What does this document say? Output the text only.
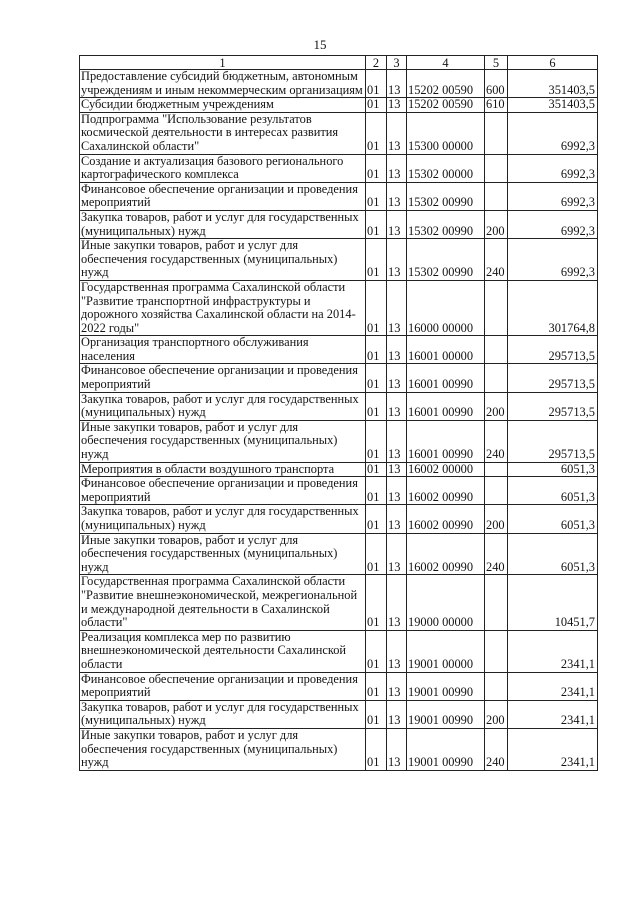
15
1	2	3	4	5	6
Предоставление субсидий бюджетным, автономным учреждениям и иным некоммерческим организациям	01	13	15202 00590	600	351403,5
Субсидии бюджетным учреждениям	01	13	15202 00590	610	351403,5
Подпрограмма "Использование результатов космической деятельности в интересах развития Сахалинской области"	01	13	15300 00000		6992,3
Создание и актуализация базового регионального картографического комплекса	01	13	15302 00000		6992,3
Финансовое обеспечение организации и проведения мероприятий	01	13	15302 00990		6992,3
Закупка товаров, работ и услуг для государственных (муниципальных) нужд	01	13	15302 00990	200	6992,3
Иные закупки товаров, работ и услуг для обеспечения государственных (муниципальных) нужд	01	13	15302 00990	240	6992,3
Государственная программа Сахалинской области "Развитие транспортной инфраструктуры и дорожного хозяйства Сахалинской области на 2014-2022 годы"	01	13	16000 00000		301764,8
Организация транспортного обслуживания населения	01	13	16001 00000		295713,5
Финансовое обеспечение организации и проведения мероприятий	01	13	16001 00990		295713,5
Закупка товаров, работ и услуг для государственных (муниципальных) нужд	01	13	16001 00990	200	295713,5
Иные закупки товаров, работ и услуг для обеспечения государственных (муниципальных) нужд	01	13	16001 00990	240	295713,5
Мероприятия в области воздушного транспорта	01	13	16002 00000		6051,3
Финансовое обеспечение организации и проведения мероприятий	01	13	16002 00990		6051,3
Закупка товаров, работ и услуг для государственных (муниципальных) нужд	01	13	16002 00990	200	6051,3
Иные закупки товаров, работ и услуг для обеспечения государственных (муниципальных) нужд	01	13	16002 00990	240	6051,3
Государственная программа Сахалинской области "Развитие внешнеэкономической, межрегиональной и международной деятельности в Сахалинской области"	01	13	19000 00000		10451,7
Реализация комплекса мер по развитию внешнеэкономической деятельности Сахалинской области	01	13	19001 00000		2341,1
Финансовое обеспечение организации и проведения мероприятий	01	13	19001 00990		2341,1
Закупка товаров, работ и услуг для государственных (муниципальных) нужд	01	13	19001 00990	200	2341,1
Иные закупки товаров, работ и услуг для обеспечения государственных (муниципальных) нужд	01	13	19001 00990	240	2341,1
